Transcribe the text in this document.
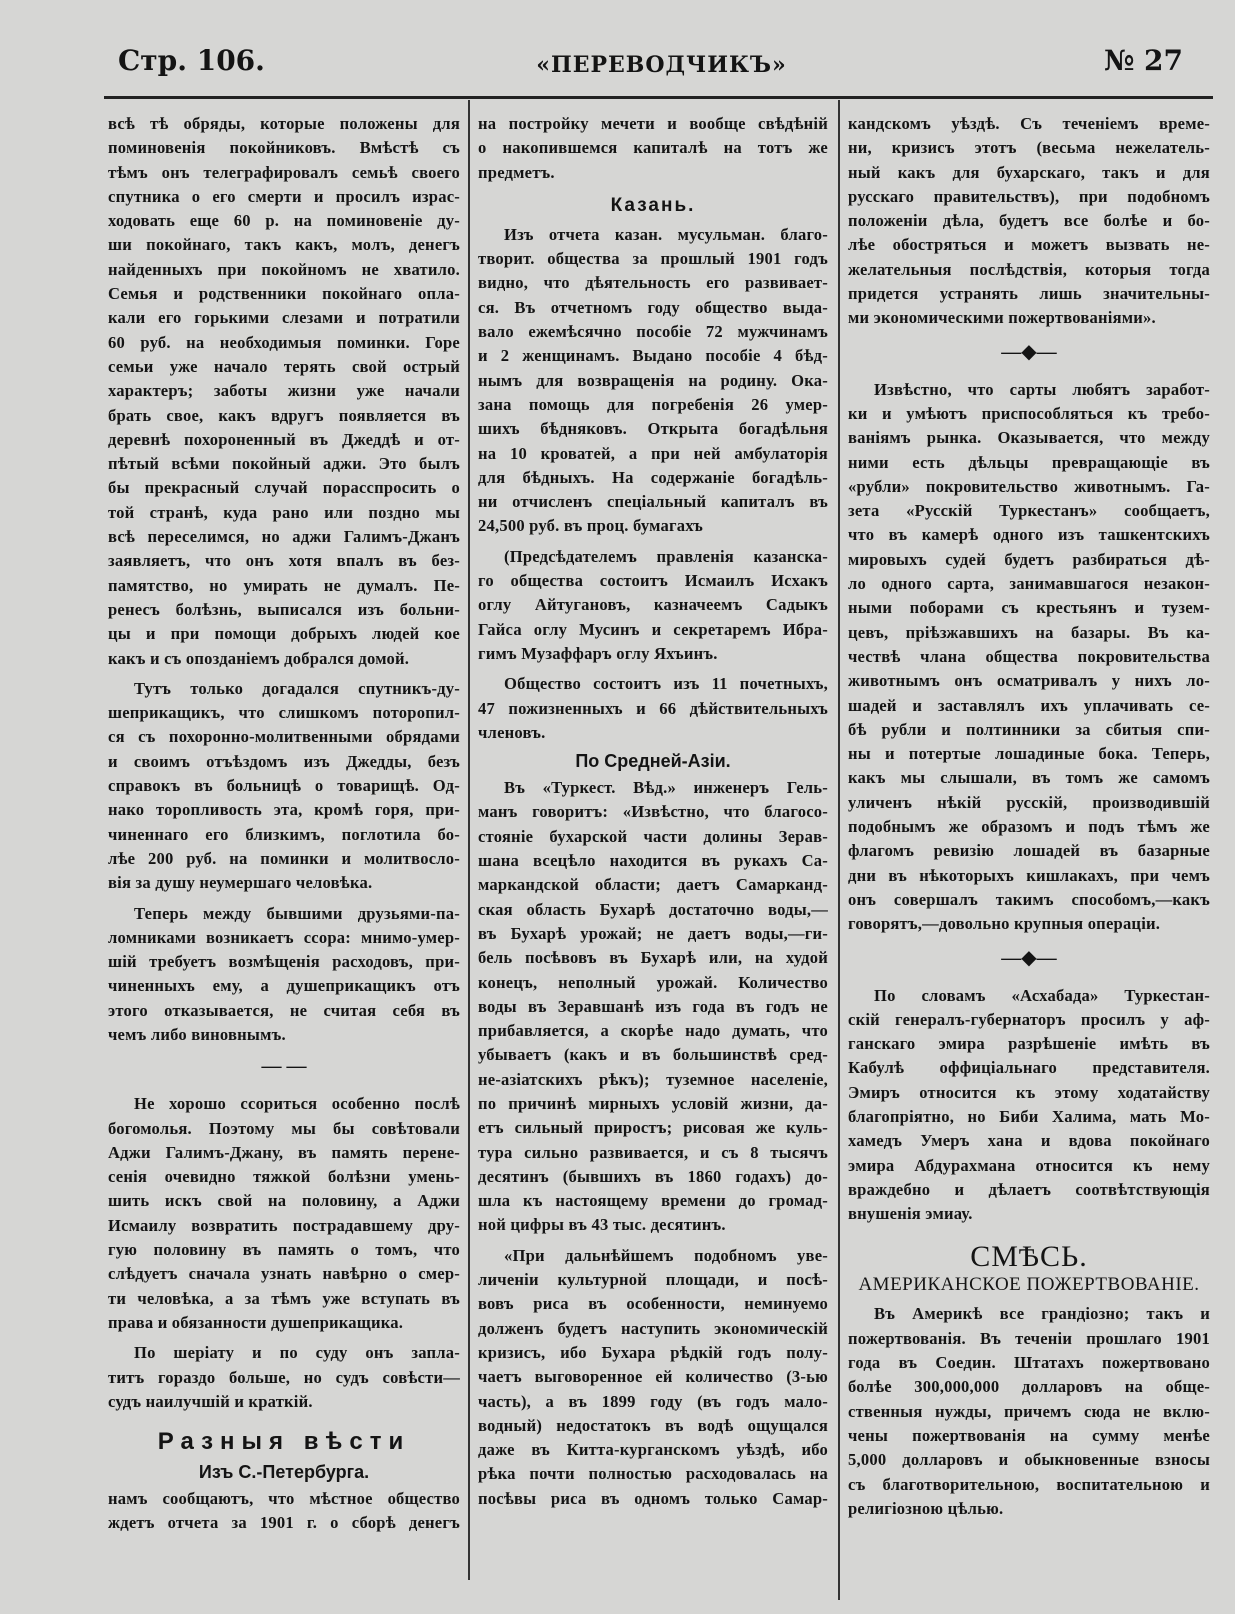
Стр. 106.	«ПЕРЕВОДЧИКЪ»	№ 27
всѣ тѣ обряды, которые положены для
поминовенія покойниковъ. Вмѣстѣ съ
тѣмъ онъ телеграфировалъ семьѣ своего
спутника о его смерти и просилъ израс-
ходовать еще 60 р. на поминовеніе ду-
ши покойнаго, такъ какъ, молъ, денегъ
найденныхъ при покойномъ не хватило.
Семья и родственники покойнаго опла-
кали его горькими слезами и потратили
60 руб. на необходимыя поминки. Горе
семьи уже начало терять свой острый
характеръ; заботы жизни уже начали
брать свое, какъ вдругъ появляется въ
деревнѣ похороненный въ Джеддѣ и от-
пѣтый всѣми покойный аджи. Это былъ
бы прекрасный случай порасспросить о
той странѣ, куда рано или поздно мы
всѣ переселимся, но аджи Галимъ-Джанъ
заявляетъ, что онъ хотя впалъ въ без-
памятство, но умирать не думалъ. Пе-
ренесъ болѣзнь, выписался изъ больни-
цы и при помощи добрыхъ людей кое
какъ и съ опозданіемъ добрался домой.
Тутъ только догадался спутникъ-ду-
шеприкащикъ, что слишкомъ поторопил-
ся съ похоронно-молитвенными обрядами
и своимъ отъѣздомъ изъ Джедды, безъ
справокъ въ больницѣ о товарищѣ. Од-
нако торопливость эта, кромѣ горя, при-
чиненнаго его близкимъ, поглотила бо-
лѣе 200 руб. на поминки и молитвосло-
вія за душу неумершаго человѣка.
Теперь между бывшими друзьями-па-
ломниками возникаетъ ссора: мнимо-умер-
шій требуетъ возмѣщенія расходовъ, при-
чиненныхъ ему, а душеприкащикъ отъ
этого отказывается, не считая себя въ
чемъ либо виновнымъ.
— —
Не хорошо ссориться особенно послѣ
богомолья. Поэтому мы бы совѣтовали
Аджи Галимъ-Джану, въ память перене-
сенія очевидно тяжкой болѣзни умень-
шить искъ свой на половину, а Аджи
Исмаилу возвратить пострадавшему дру-
гую половину въ память о томъ, что
слѣдуетъ сначала узнать навѣрно о смер-
ти человѣка, а за тѣмъ уже вступать въ
права и обязанности душеприкащика.
По шеріату и по суду онъ запла-
титъ гораздо больше, но судъ совѣсти—
судъ наилучшій и краткій.
Разныя вѣсти
Изъ С.-Петербурга.
намъ сообщаютъ, что мѣстное общество
ждетъ отчета за 1901 г. о сборѣ денегъ
на постройку мечети и вообще свѣдѣній
о накопившемся капиталѣ на тотъ же
предметъ.
Казань.
Изъ отчета казан. мусульман. благо-
творит. общества за прошлый 1901 годъ
видно, что дѣятельность его развивает-
ся. Въ отчетномъ году общество выда-
вало ежемѣсячно пособіе 72 мужчинамъ
и 2 женщинамъ. Выдано пособіе 4 бѣд-
нымъ для возвращенія на родину. Ока-
зана помощь для погребенія 26 умер-
шихъ бѣдняковъ. Открыта богадѣльня
на 10 кроватей, а при ней амбулаторія
для бѣдныхъ. На содержаніе богадѣль-
ни отчисленъ спеціальный капиталъ въ
24,500 руб. въ проц. бумагахъ
(Предсѣдателемъ правленія казанска-
го общества состоитъ Исмаилъ Исхакъ
оглу Айтугановъ, казначеемъ Садыкъ
Гайса оглу Мусинъ и секретаремъ Ибра-
гимъ Музаффаръ оглу Яхъинъ.
Общество состоитъ изъ 11 почетныхъ,
47 пожизненныхъ и 66 дѣйствительныхъ
членовъ.
По Средней-Азіи.
Въ «Туркест. Вѣд.» инженеръ Гель-
манъ говоритъ: «Извѣстно, что благосо-
стояніе бухарской части долины Зерав-
шана всецѣло находится въ рукахъ Са-
маркандской области; даетъ Самарканд-
ская область Бухарѣ достаточно воды,—
въ Бухарѣ урожай; не даетъ воды,—ги-
бель посѣвовъ въ Бухарѣ или, на худой
конецъ, неполный урожай. Количество
воды въ Зеравшанѣ изъ года въ годъ не
прибавляется, а скорѣе надо думать, что
убываетъ (какъ и въ большинствѣ сред-
не-азіатскихъ рѣкъ); туземное населеніе,
по причинѣ мирныхъ условій жизни, да-
етъ сильный приростъ; рисовая же куль-
тура сильно развивается, и съ 8 тысячъ
десятинъ (бывшихъ въ 1860 годахъ) до-
шла къ настоящему времени до громад-
ной цифры въ 43 тыс. десятинъ.
«При дальнѣйшемъ подобномъ уве-
личеніи культурной площади, и посѣ-
вовъ риса въ особенности, неминуемо
долженъ будетъ наступить экономическій
кризисъ, ибо Бухара рѣдкій годъ полу-
чаетъ выговоренное ей количество (3-ью
часть), а въ 1899 году (въ годъ мало-
водный) недостатокъ въ водѣ ощущался
даже въ Китта-курганскомъ уѣздѣ, ибо
рѣка почти полностью расходовалась на
посѣвы риса въ одномъ только Самар-
кандскомъ уѣздѣ. Съ теченіемъ време-
ни, кризисъ этотъ (весьма нежелатель-
ный какъ для бухарскаго, такъ и для
русскаго правительствъ), при подобномъ
положеніи дѣла, будетъ все болѣе и бо-
лѣе обостряться и можетъ вызвать не-
желательныя послѣдствія, которыя тогда
придется устранять лишь значительны-
ми экономическими пожертвованіями».
—◆—
Извѣстно, что сарты любятъ заработ-
ки и умѣютъ приспособляться къ требо-
ваніямъ рынка. Оказывается, что между
ними есть дѣльцы превращающіе въ
«рубли» покровительство животнымъ. Га-
зета «Русскій Туркестанъ» сообщаетъ,
что въ камерѣ одного изъ ташкентскихъ
мировыхъ судей будетъ разбираться дѣ-
ло одного сарта, занимавшагося незакон-
ными поборами съ крестьянъ и тузем-
цевъ, пріѣзжавшихъ на базары. Въ ка-
чествѣ члана общества покровительства
животнымъ онъ осматривалъ у нихъ ло-
шадей и заставлялъ ихъ уплачивать се-
бѣ рубли и полтинники за сбитыя спи-
ны и потертые лошадиные бока. Теперь,
какъ мы слышали, въ томъ же самомъ
уличенъ нѣкій русскій, производившій
подобнымъ же образомъ и подъ тѣмъ же
флагомъ ревизію лошадей въ базарные
дни въ нѣкоторыхъ кишлакахъ, при чемъ
онъ совершалъ такимъ способомъ,—какъ
говорятъ,—довольно крупныя операціи.
—◆—
По словамъ «Асхабада» Туркестан-
скій генералъ-губернаторъ просилъ у аф-
ганскаго эмира разрѣшеніе имѣть въ
Кабулѣ оффиціальнаго представителя.
Эмиръ относится къ этому ходатайству
благопріятно, но Биби Халима, мать Мо-
хамедъ Умеръ хана и вдова покойнаго
эмира Абдурахмана относится къ нему
враждебно и дѣлаетъ соотвѣтствующія
внушенія эмиау.
СМѢСЬ.
АМЕРИКАНСКОЕ ПОЖЕРТВОВАНІЕ.
Въ Америкѣ все грандіозно; такъ и
пожертвованія. Въ теченіи прошлаго 1901
года въ Соедин. Штатахъ пожертвовано
болѣе 300,000,000 долларовъ на обще-
ственныя нужды, причемъ сюда не вклю-
чены пожертвованія на сумму менѣе
5,000 долларовъ и обыкновенные взносы
съ благотворительною, воспитательною и
религіозною цѣлью.
